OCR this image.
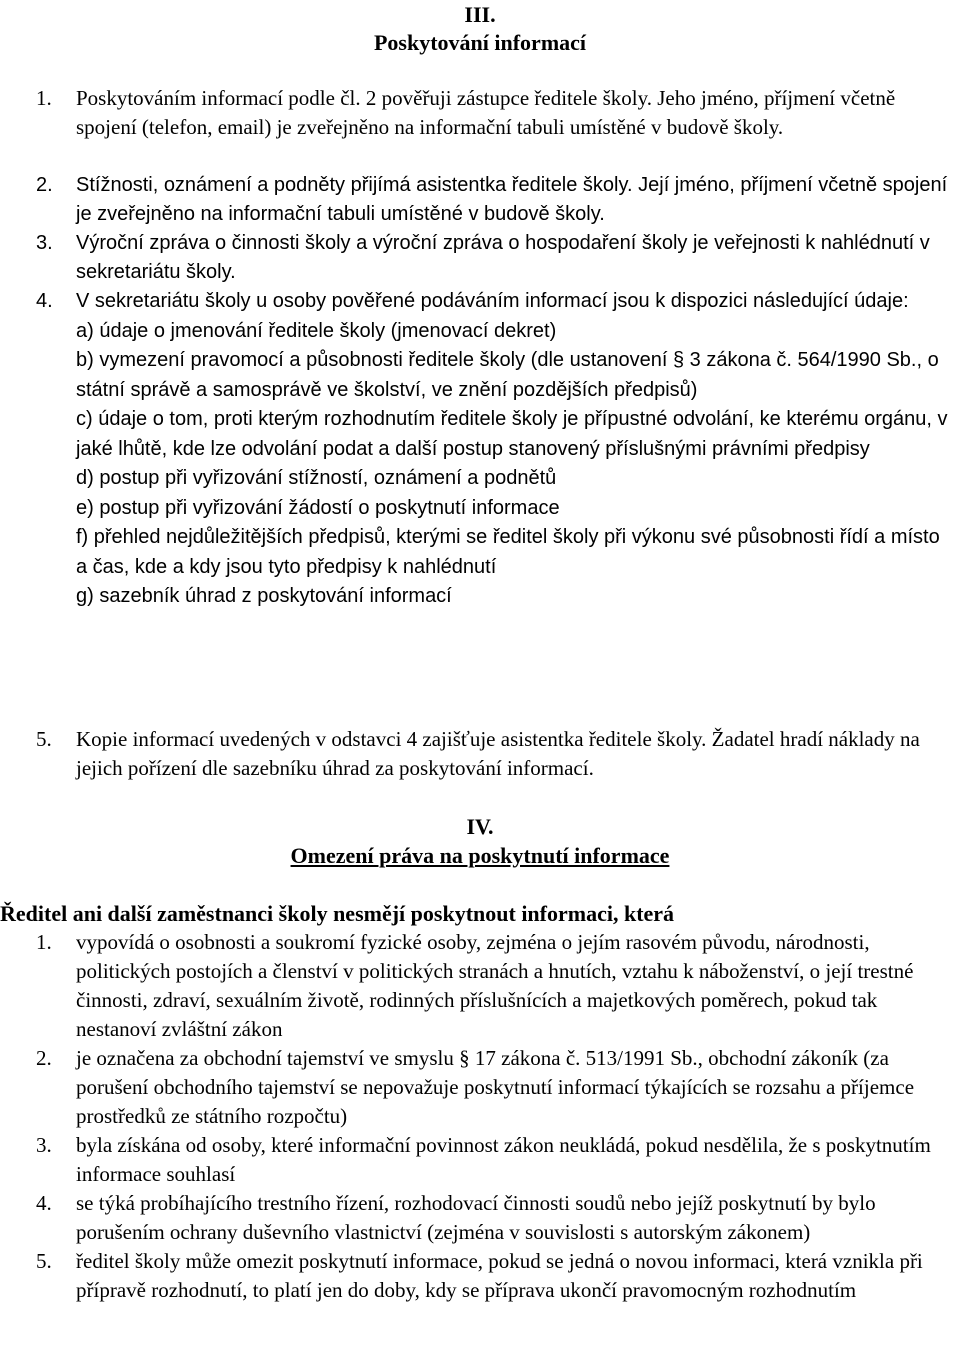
III.
Poskytování informací
1. Poskytováním informací podle čl. 2 pověřuji zástupce ředitele školy. Jeho jméno, příjmení včetně spojení (telefon, email) je zveřejněno na informační tabuli umístěné v budově školy.
2. Stížnosti, oznámení a podněty přijímá asistentka ředitele školy. Její jméno, příjmení včetně spojení je zveřejněno na informační tabuli umístěné v budově školy.
3. Výroční zpráva o činnosti školy a výroční zpráva o hospodaření školy je veřejnosti k nahlédnutí v sekretariátu školy.
4. V sekretariátu školy u osoby pověřené podáváním informací jsou k dispozici následující údaje:
a) údaje o jmenování ředitele školy (jmenovací dekret)
b) vymezení pravomocí a působnosti ředitele školy (dle ustanovení § 3 zákona č. 564/1990 Sb., o státní správě a samosprávě ve školství, ve znění pozdějších předpisů)
c) údaje o tom, proti kterým rozhodnutím ředitele školy je přípustné odvolání, ke kterému orgánu, v jaké lhůtě, kde lze odvolání podat a další postup stanovený příslušnými právními předpisy
d) postup při vyřizování stížností, oznámení a podnětů
e) postup při vyřizování žádostí o poskytnutí informace
f) přehled nejdůležitějších předpisů, kterými se ředitel školy při výkonu své působnosti řídí a místo a čas, kde a kdy jsou tyto předpisy k nahlédnutí
g) sazebník úhrad z poskytování informací
5. Kopie informací uvedených v odstavci 4 zajišťuje asistentka ředitele školy. Žadatel hradí náklady na jejich pořízení dle sazebníku úhrad za poskytování informací.
IV.
Omezení práva na poskytnutí informace

Ředitel ani další zaměstnanci školy nesmějí poskytnout informaci, která

1. vypovídá o osobnosti a soukromí fyzické osoby, zejména o jejím rasovém původu, národnosti, politických postojích a členství v politických stranách a hnutích, vztahu k náboženství, o její trestné činnosti, zdraví, sexuálním životě, rodinných příslušnících a majetkových poměrech, pokud tak nestanoví zvláštní zákon
2. je označena za obchodní tajemství ve smyslu § 17 zákona č. 513/1991 Sb., obchodní zákoník (za porušení obchodního tajemství se nepovažuje poskytnutí informací týkajících se rozsahu a příjemce prostředků ze státního rozpočtu)
3. byla získána od osoby, které informační povinnost zákon neukládá, pokud nesdělila, že s poskytnutím informace souhlasí
4. se týká probíhajícího trestního řízení, rozhodovací činnosti soudů nebo jejíž poskytnutí by bylo porušením ochrany duševního vlastnictví (zejména v souvislosti s autorským zákonem)
5. ředitel školy může omezit poskytnutí informace, pokud se jedná o novou informaci, která vznikla při přípravě rozhodnutí, to platí jen do doby, kdy se příprava ukončí pravomocným rozhodnutím
